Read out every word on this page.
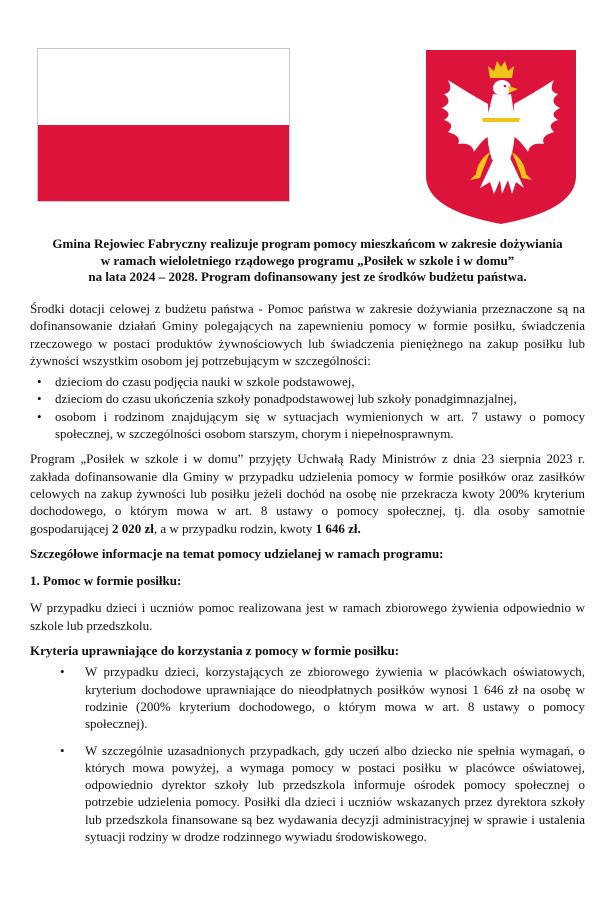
Gmina Rejowiec Fabryczny realizuje program pomocy mieszkańcom w zakresie dożywiania
w ramach wieloletniego rządowego programu „Posiłek w szkole i w domu”
na lata 2024 – 2028. Program dofinansowany jest ze środków budżetu państwa.

Środki dotacji celowej z budżetu państwa - Pomoc państwa w zakresie dożywiania przeznaczone są na dofinansowanie działań Gminy polegających na zapewnieniu pomocy w formie posiłku, świadczenia rzeczowego w postaci produktów żywnościowych lub świadczenia pieniężnego na zakup posiłku lub żywności wszystkim osobom jej potrzebującym w szczególności:

• dzieciom do czasu podjęcia nauki w szkole podstawowej,
• dzieciom do czasu ukończenia szkoły ponadpodstawowej lub szkoły ponadgimnazjalnej,
• osobom i rodzinom znajdującym się w sytuacjach wymienionych w art. 7 ustawy o pomocy społecznej, w szczególności osobom starszym, chorym i niepełnosprawnym.

Program „Posiłek w szkole i w domu” przyjęty Uchwałą Rady Ministrów z dnia 23 sierpnia 2023 r. zakłada dofinansowanie dla Gminy w przypadku udzielenia pomocy w formie posiłków oraz zasiłków celowych na zakup żywności lub posiłku jeżeli dochód na osobę nie przekracza kwoty 200% kryterium dochodowego, o którym mowa w art. 8 ustawy o pomocy społecznej, tj. dla osoby samotnie gospodarującej 2 020 zł, a w przypadku rodzin, kwoty 1 646 zł.

Szczegółowe informacje na temat pomocy udzielanej w ramach programu:

1. Pomoc w formie posiłku:

W przypadku dzieci i uczniów pomoc realizowana jest w ramach zbiorowego żywienia odpowiednio w szkole lub przedszkolu.

Kryteria uprawniające do korzystania z pomocy w formie posiłku:

• W przypadku dzieci, korzystających ze zbiorowego żywienia w placówkach oświatowych, kryterium dochodowe uprawniające do nieodpłatnych posiłków wynosi 1 646 zł na osobę w rodzinie (200% kryterium dochodowego, o którym mowa w art. 8 ustawy o pomocy społecznej).
• W szczególnie uzasadnionych przypadkach, gdy uczeń albo dziecko nie spełnia wymagań, o których mowa powyżej, a wymaga pomocy w postaci posiłku w placówce oświatowej, odpowiednio dyrektor szkoły lub przedszkola informuje ośrodek pomocy społecznej o potrzebie udzielenia pomocy. Posiłki dla dzieci i uczniów wskazanych przez dyrektora szkoły lub przedszkola finansowane są bez wydawania decyzji administracyjnej w sprawie i ustalenia sytuacji rodziny w drodze rodzinnego wywiadu środowiskowego.
